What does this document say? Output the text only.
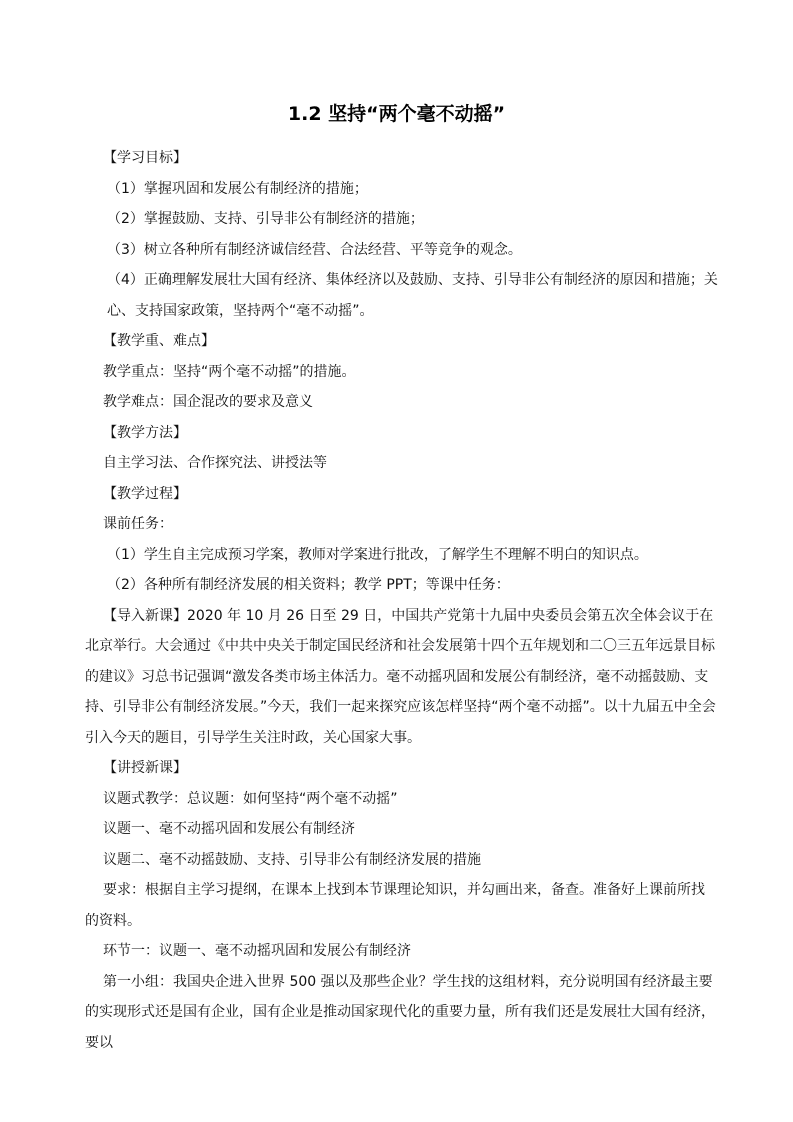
1.2 坚持“两个毫不动摇”

【学习目标】

（1）掌握巩固和发展公有制经济的措施；

（2）掌握鼓励、支持、引导非公有制经济的措施；

（3）树立各种所有制经济诚信经营、合法经营、平等竞争的观念。

（4）正确理解发展壮大国有经济、集体经济以及鼓励、支持、引导非公有制经济的原因和措施；关心、支持国家政策，坚持两个“毫不动摇”。

【教学重、难点】

教学重点：坚持“两个毫不动摇”的措施。

教学难点：国企混改的要求及意义

【教学方法】

自主学习法、合作探究法、讲授法等

【教学过程】

课前任务：

（1）学生自主完成预习学案，教师对学案进行批改，了解学生不理解不明白的知识点。

（2）各种所有制经济发展的相关资料；教学 PPT；等课中任务：

【导入新课】2020 年 10 月 26 日至 29 日，中国共产党第十九届中央委员会第五次全体会议于在北京举行。大会通过《中共中央关于制定国民经济和社会发展第十四个五年规划和二〇三五年远景目标的建议》习总书记强调“激发各类市场主体活力。毫不动摇巩固和发展公有制经济，毫不动摇鼓励、支持、引导非公有制经济发展。”今天，我们一起来探究应该怎样坚持“两个毫不动摇”。以十九届五中全会引入今天的题目，引导学生关注时政，关心国家大事。

【讲授新课】

议题式教学：总议题：如何坚持“两个毫不动摇”

议题一、毫不动摇巩固和发展公有制经济

议题二、毫不动摇鼓励、支持、引导非公有制经济发展的措施

要求：根据自主学习提纲，在课本上找到本节课理论知识，并勾画出来，备查。准备好上课前所找的资料。

环节一：议题一、毫不动摇巩固和发展公有制经济

第一小组：我国央企进入世界 500 强以及那些企业？学生找的这组材料，充分说明国有经济最主要的实现形式还是国有企业，国有企业是推动国家现代化的重要力量，所有我们还是发展壮大国有经济，要以
